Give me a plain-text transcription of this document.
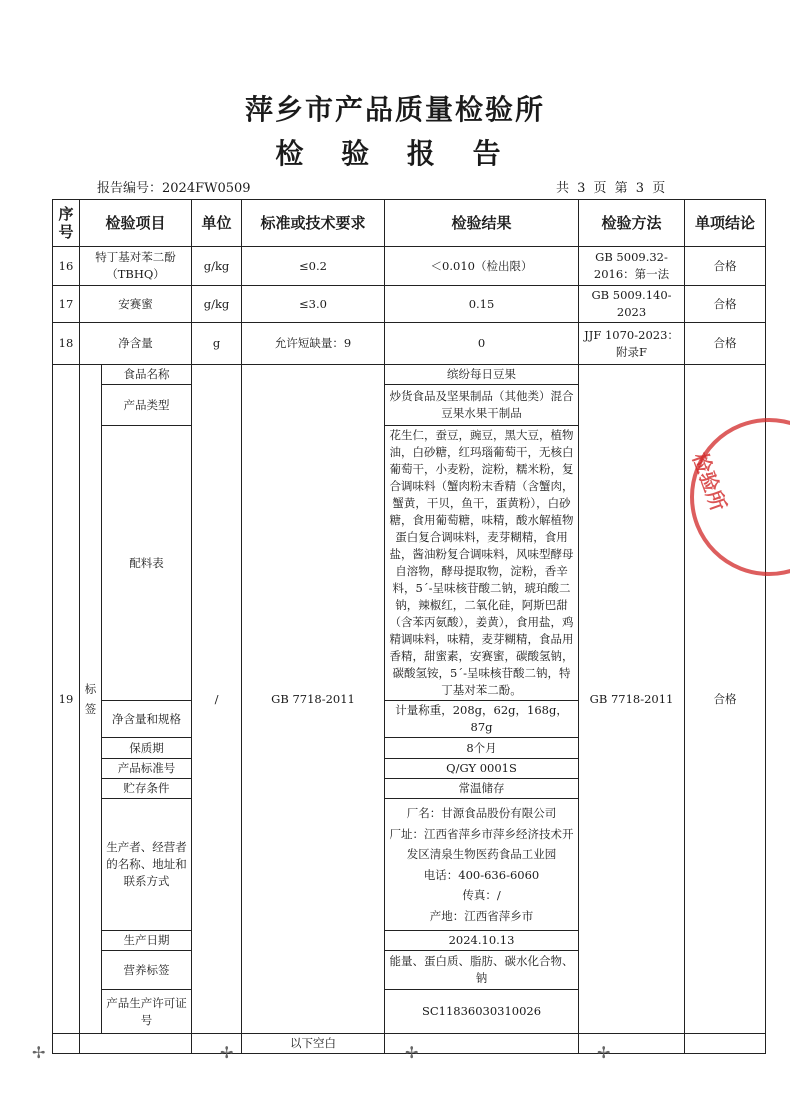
萍乡市产品质量检验所
检 验 报 告
报告编号：2024FW0509	共 3 页 第 3 页
序号	检验项目		单位	标准或技术要求	检验结果	检验方法	单项结论
16	特丁基对苯二酚（TBHQ）		g/kg	≤0.2	＜0.010（检出限）	GB 5009.32-2016：第一法	合格
17	安赛蜜		g/kg	≤3.0	0.15	GB 5009.140-2023	合格
18	净含量		g	允许短缺量：9	0	JJF 1070-2023：附录F	合格
19	标签	食品名称	/	GB 7718-2011	缤纷每日豆果	GB 7718-2011	合格
		产品类型			炒货食品及坚果制品（其他类）混合豆果水果干制品		
		配料表			花生仁，蚕豆，豌豆，黑大豆，植物油，白砂糖，红玛瑙葡萄干，无核白葡萄干，小麦粉，淀粉，糯米粉，复合调味料（蟹肉粉末香精（含蟹肉，蟹黄，干贝，鱼干，蛋黄粉），白砂糖，食用葡萄糖，味精，酸水解植物蛋白复合调味料，麦芽糊精，食用盐，酱油粉复合调味料，风味型酵母自溶物，酵母提取物，淀粉，香辛料，5´-呈味核苷酸二钠，琥珀酸二钠，辣椒红，二氧化硅，阿斯巴甜（含苯丙氨酸），姜黄），食用盐，鸡精调味料，味精，麦芽糊精，食品用香精，甜蜜素，安赛蜜，碳酸氢钠，碳酸氢铵，5´-呈味核苷酸二钠，特丁基对苯二酚。		
		净含量和规格			计量称重，208g，62g，168g，87g		
		保质期			8个月		
		产品标准号			Q/GY 0001S		
		贮存条件			常温储存		
		生产者、经营者的名称、地址和联系方式			厂名：甘源食品股份有限公司
厂址：江西省萍乡市萍乡经济技术开发区清泉生物医药食品工业园
电话：400-636-6060
传真：/
产地：江西省萍乡市		

		生产日期			2024.10.13		
		营养标签			能量、蛋白质、脂肪、碳水化合物、钠		
		产品生产许可证号			SC11836030310026		
				以下空白			
检验所
✢	✢	✢	✢
